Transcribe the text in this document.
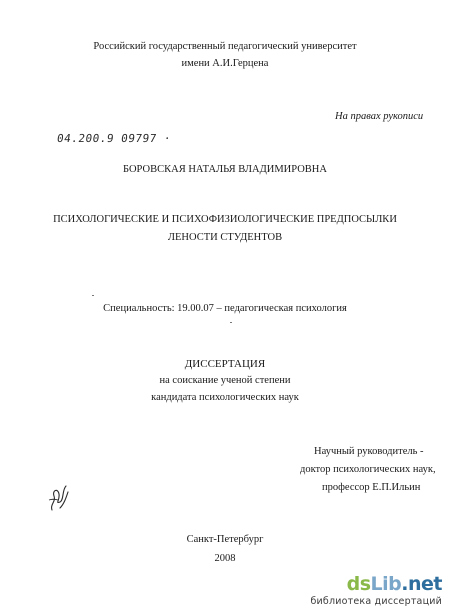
Российский государственный педагогический университет
имени А.И.Герцена
На правах рукописи
04.200.9 09797 ·
БОРОВСКАЯ НАТАЛЬЯ ВЛАДИМИРОВНА
ПСИХОЛОГИЧЕСКИЕ И ПСИХОФИЗИОЛОГИЧЕСКИЕ ПРЕДПОСЫЛКИ
ЛЕНОСТИ СТУДЕНТОВ
Специальность: 19.00.07 – педагогическая психология
ДИССЕРТАЦИЯ
на соискание ученой степени
кандидата психологических наук
Научный руководитель -
доктор психологических наук,
профессор Е.П.Ильин
Санкт-Петербург
2008
dsLib.net
библиотека диссертаций
